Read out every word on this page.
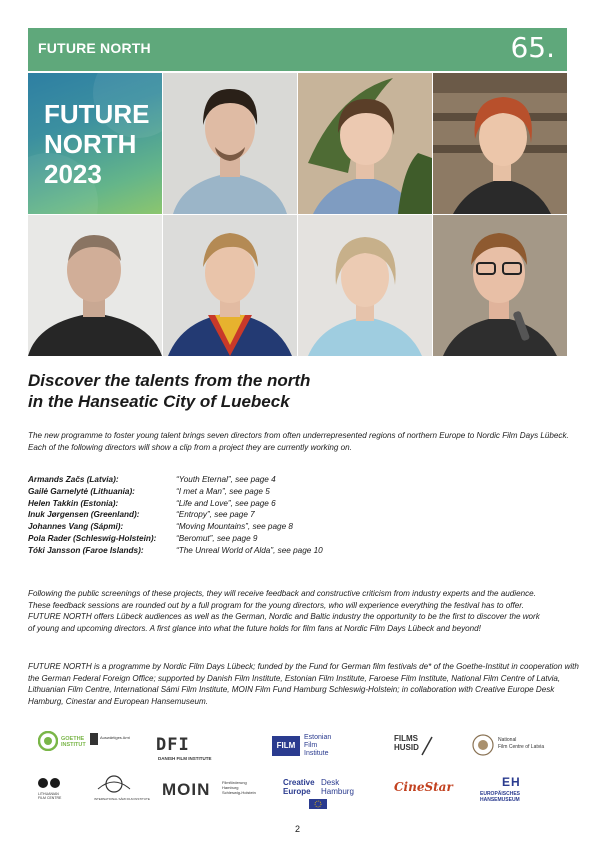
FUTURE NORTH	65.
FUTURE
NORTH
2023
Discover the talents from the north
in the Hanseatic City of Luebeck
The new programme to foster young talent brings seven directors from often underrepresented regions of northern Europe to Nordic Film Days Lübeck.
Each of the following directors will show a clip from a project they are currently working on.
Armands Začs (Latvia):	“Youth Eternal”, see page 4
Gailė Garnelytė (Lithuania):	“I met a Man”, see page 5
Helen Takkin (Estonia):	“Life and Love”, see page 6
Inuk Jørgensen (Greenland):	“Entropy”, see page 7
Johannes Vang (Sápmi):	“Moving Mountains”, see page 8
Pola Rader (Schleswig-Holstein):	“Beromut”, see page 9
Tóki Jansson (Faroe Islands):	“The Unreal World of Alda”, see page 10
Following the public screenings of these projects, they will receive feedback and constructive criticism from industry experts and the audience.
These feedback sessions are rounded out by a full program for the young directors, who will experience everything the festival has to offer.
FUTURE NORTH offers Lübeck audiences as well as the German, Nordic and Baltic industry the opportunity to be the first to discover the work
of young and upcoming directors. A first glance into what the future holds for film fans at Nordic Film Days Lübeck and beyond!
FUTURE NORTH is a programme by Nordic Film Days Lübeck; funded by the Fund for German film festivals de* of the Goethe-Institut in cooperation with
the German Federal Foreign Office; supported by Danish Film Institute, Estonian Film Institute, Faroese Film Institute, National Film Centre of Latvia,
Lithuanian Film Centre, International Sámi Film Institute, MOIN Film Fund Hamburg Schleswig-Holstein; in collaboration with Creative Europe Desk
Hamburg, Cinestar and European Hansemuseum.
GOETHE INSTITUT
Auswärtiges Amt DFI
DANISH FILM INSTITUTE
FILM
Estonian
Film
Institute
FILMS
HUSID
National
Film Centre of Latvia
LITHUANIAN FILM CENTRE	INTERNATIONAL SÁMI FILM INSTITUTE MOIN	Filmförderung
Hamburg
Schleswig-Holstein
Creative
Europe
Desk
Hamburg	CineStar	EH
EUROPÄISCHES
HANSEMUSEUM
2
